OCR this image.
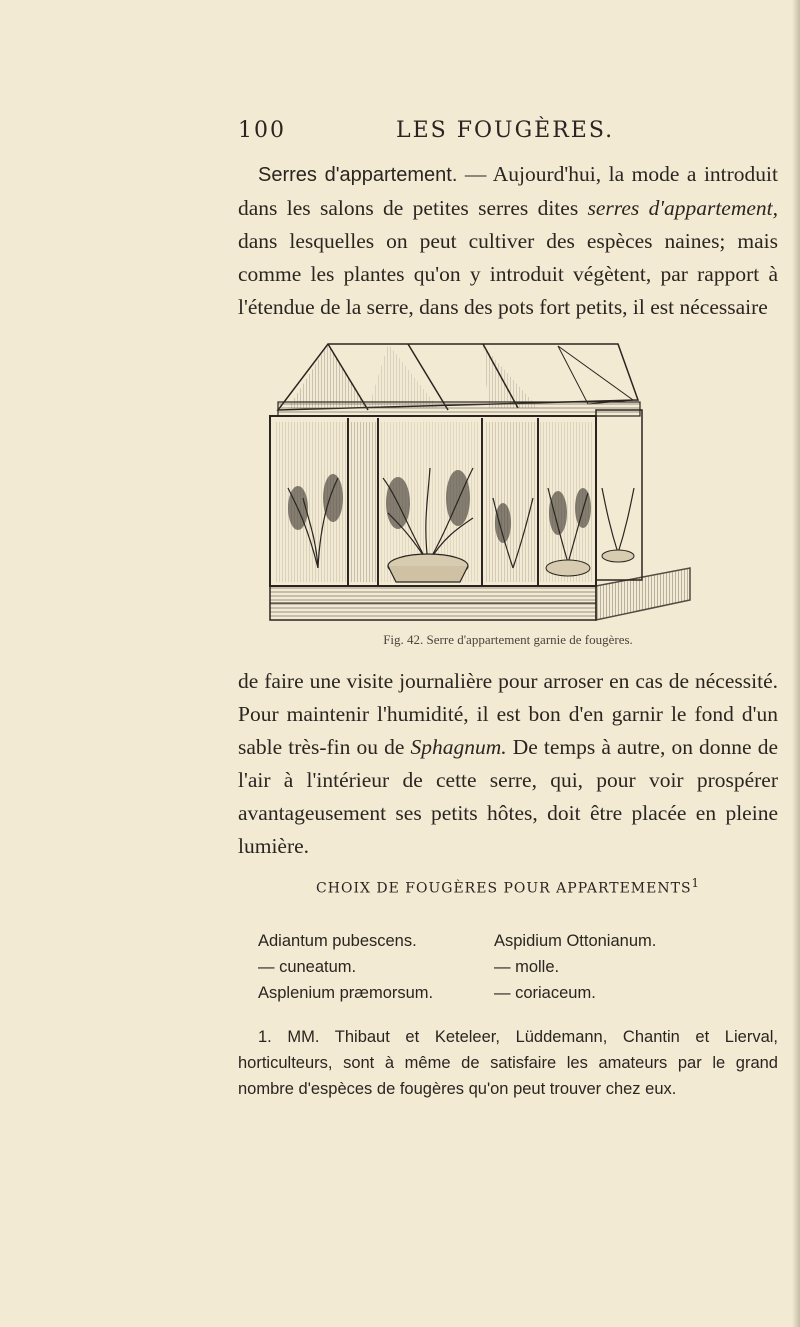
100	LES FOUGÈRES.

Serres d'appartement. — Aujourd'hui, la mode a introduit dans les salons de petites serres dites serres d'appartement, dans lesquelles on peut cultiver des espèces naines; mais comme les plantes qu'on y introduit végètent, par rapport à l'étendue de la serre, dans des pots fort petits, il est nécessaire

Fig. 42. Serre d'appartement garnie de fougères.

de faire une visite journalière pour arroser en cas de nécessité. Pour maintenir l'humidité, il est bon d'en garnir le fond d'un sable très-fin ou de Sphagnum. De temps à autre, on donne de l'air à l'intérieur de cette serre, qui, pour voir prospérer avantageusement ses petits hôtes, doit être placée en pleine lumière.

CHOIX DE FOUGÈRES POUR APPARTEMENTS$^1$
Adiantum pubescens.
— cuneatum.
Asplenium præmorsum.
Aspidium Ottonianum.
— molle.
— coriaceum.

1. MM. Thibaut et Keteleer, Lüddemann, Chantin et Lierval, horticulteurs, sont à même de satisfaire les amateurs par le grand nombre d'espèces de fougères qu'on peut trouver chez eux.
